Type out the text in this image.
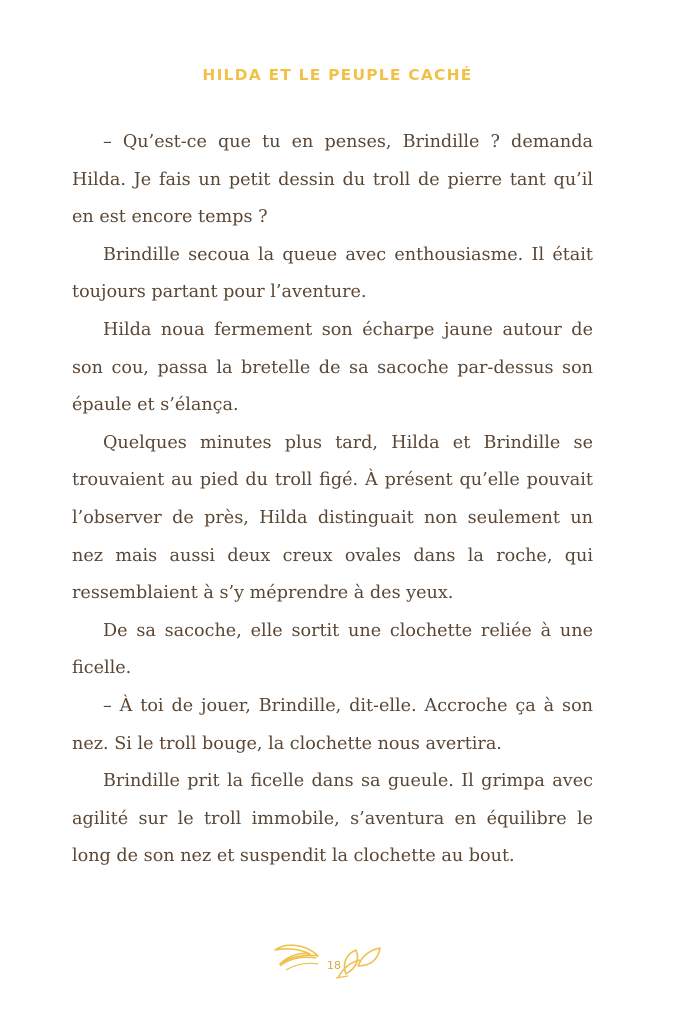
HILDA ET LE PEUPLE CACHÉ

– Qu’est-ce que tu en penses, Brindille ? demanda Hilda. Je fais un petit dessin du troll de pierre tant qu’il en est encore temps ?

Brindille secoua la queue avec enthousiasme. Il était toujours partant pour l’aventure.

Hilda noua fermement son écharpe jaune autour de son cou, passa la bretelle de sa sacoche par-dessus son épaule et s’élança.

Quelques minutes plus tard, Hilda et Brindille se trouvaient au pied du troll figé. À présent qu’elle pouvait l’observer de près, Hilda distinguait non seulement un nez mais aussi deux creux ovales dans la roche, qui ressemblaient à s’y méprendre à des yeux.

De sa sacoche, elle sortit une clochette reliée à une ficelle.

– À toi de jouer, Brindille, dit-elle. Accroche ça à son nez. Si le troll bouge, la clochette nous avertira.

Brindille prit la ficelle dans sa gueule. Il grimpa avec agilité sur le troll immobile, s’aventura en équilibre le long de son nez et suspendit la clochette au bout.

18
